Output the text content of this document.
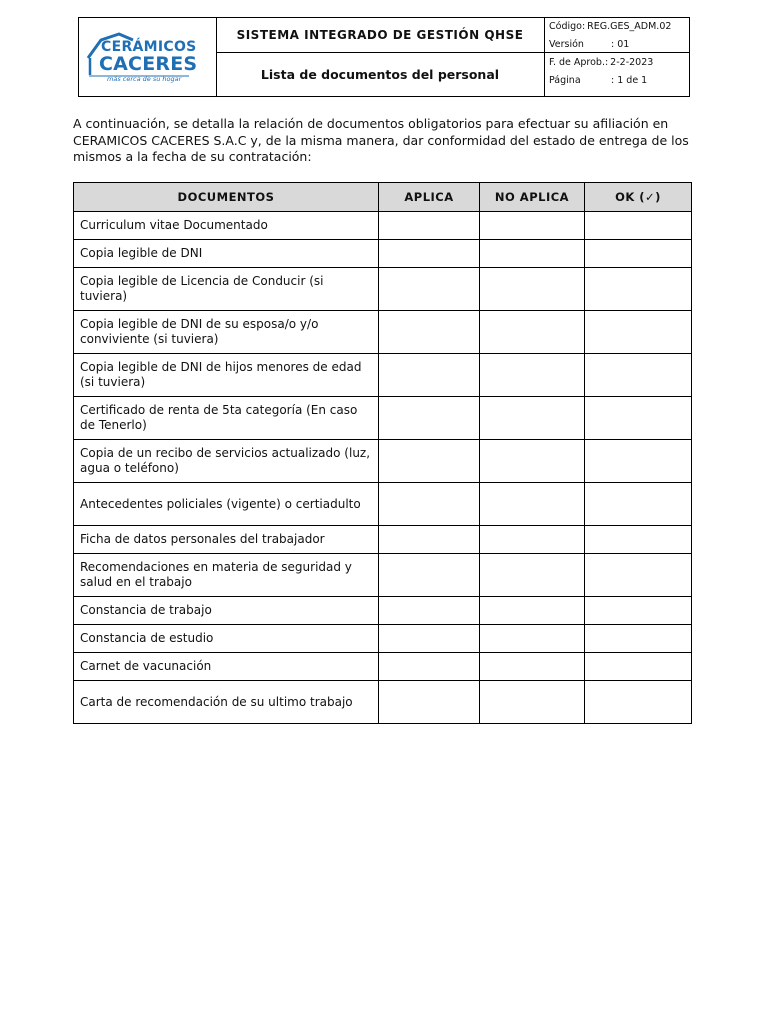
CERÁMICOS
CACERES
más cerca de su hogar
SISTEMA INTEGRADO DE GESTIÓN QHSE
Lista de documentos del personal
Código: REG.GES_ADM.02
Versión	: 01
F. de Aprob.: 2-2-2023
Página	: 1 de 1

A continuación, se detalla la relación de documentos obligatorios para efectuar su afiliación en CERAMICOS CACERES S.A.C y, de la misma manera, dar conformidad del estado de entrega de los mismos a la fecha de su contratación:

DOCUMENTOS	APLICA	NO APLICA	OK (✓)
Curriculum vitae Documentado			
Copia legible de DNI			
Copia legible de Licencia de Conducir (si tuviera)			
Copia legible de DNI de su esposa/o y/o conviviente (si tuviera)			
Copia legible de DNI de hijos menores de edad (si tuviera)			
Certificado de renta de 5ta categoría (En caso de Tenerlo)			
Copia de un recibo de servicios actualizado (luz, agua o teléfono)			
Antecedentes policiales (vigente) o certiadulto			
Ficha de datos personales del trabajador			
Recomendaciones en materia de seguridad y salud en el trabajo			
Constancia de trabajo			
Constancia de estudio			
Carnet de vacunación			
Carta de recomendación de su ultimo trabajo			
